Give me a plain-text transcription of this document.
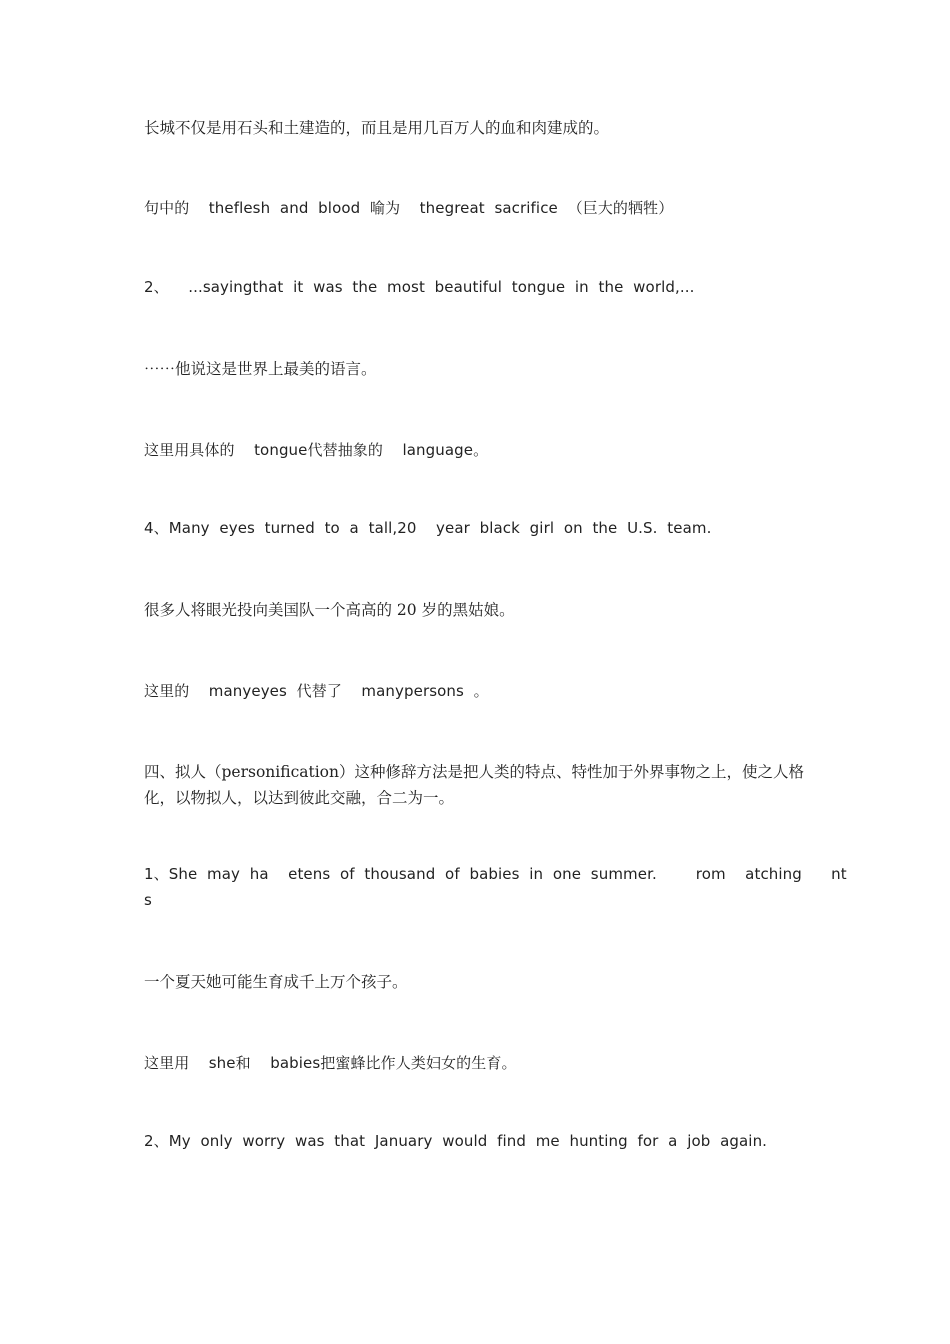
长城不仅是用石头和土建造的，而且是用几百万人的血和肉建成的。
句中的    theflesh  and  blood  喻为    thegreat  sacrifice  （巨大的牺牲）
2、    ...sayingthat  it  was  the  most  beautiful  tongue  in  the  world,...
⋯⋯他说这是世界上最美的语言。
这里用具体的    tongue代替抽象的    language。
4、Many  eyes  turned  to  a  tall,20    year  black  girl  on  the  U.S.  team.
很多人将眼光投向美国队一个高高的 20 岁的黑姑娘。
这里的    manyeyes  代替了    manypersons  。
四、拟人（personification）这种修辞方法是把人类的特点、特性加于外界事物之上，使之人格化，以物拟人，以达到彼此交融，合二为一。
1、She  may  ha    etens  of  thousand  of  babies  in  one  summer.        rom    atching      nt
s
一个夏天她可能生育成千上万个孩子。
这里用    she和    babies把蜜蜂比作人类妇女的生育。
2、My  only  worry  was  that  January  would  find  me  hunting  for  a  job  again.
